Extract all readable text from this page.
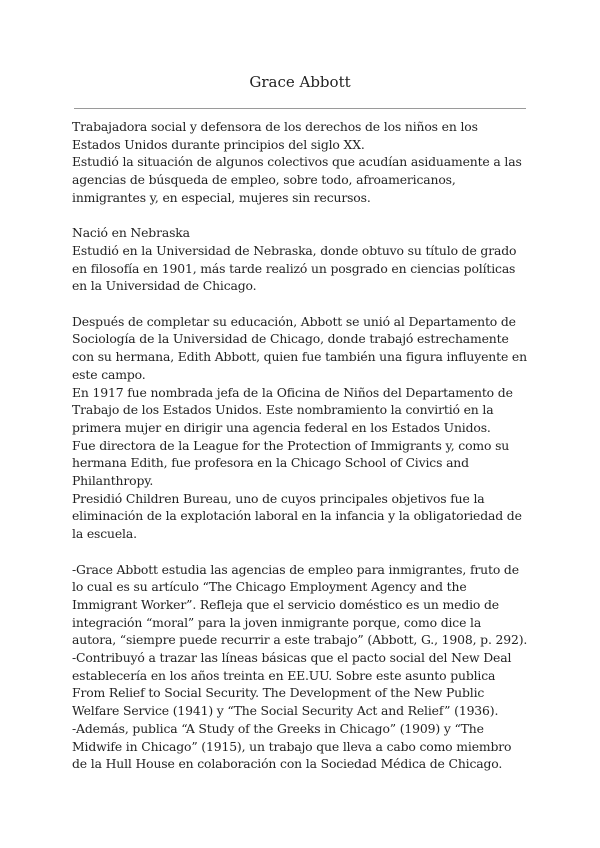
Grace Abbott

Trabajadora social y defensora de los derechos de los niños en los Estados Unidos durante principios del siglo XX.

Estudió la situación de algunos colectivos que acudían asiduamente a las agencias de búsqueda de empleo, sobre todo, afroamericanos, inmigrantes y, en especial, mujeres sin recursos.

Nació en Nebraska

Estudió en la Universidad de Nebraska, donde obtuvo su título de grado en filosofía en 1901, más tarde realizó un posgrado en ciencias políticas en la Universidad de Chicago.

Después de completar su educación, Abbott se unió al Departamento de Sociología de la Universidad de Chicago, donde trabajó estrechamente con su hermana, Edith Abbott, quien fue también una figura influyente en este campo.

En 1917 fue nombrada jefa de la Oficina de Niños del Departamento de Trabajo de los Estados Unidos. Este nombramiento la convirtió en la primera mujer en dirigir una agencia federal en los Estados Unidos.

Fue directora de la League for the Protection of Immigrants y, como su hermana Edith, fue profesora en la Chicago School of Civics and Philanthropy.

Presidió Children Bureau, uno de cuyos principales objetivos fue la eliminación de la explotación laboral en la infancia y la obligatoriedad de la escuela.

-Grace Abbott estudia las agencias de empleo para inmigrantes, fruto de lo cual es su artículo “The Chicago Employment Agency and the Immigrant Worker”. Refleja que el servicio doméstico es un medio de integración “moral” para la joven inmigrante porque, como dice la autora, “siempre puede recurrir a este trabajo” (Abbott, G., 1908, p. 292).

-Contribuyó a trazar las líneas básicas que el pacto social del New Deal establecería en los años treinta en EE.UU. Sobre este asunto publica From Relief to Social Security. The Development of the New Public Welfare Service (1941) y “The Social Security Act and Relief” (1936).

-Además, publica “A Study of the Greeks in Chicago” (1909) y “The Midwife in Chicago” (1915), un trabajo que lleva a cabo como miembro de la Hull House en colaboración con la Sociedad Médica de Chicago.
